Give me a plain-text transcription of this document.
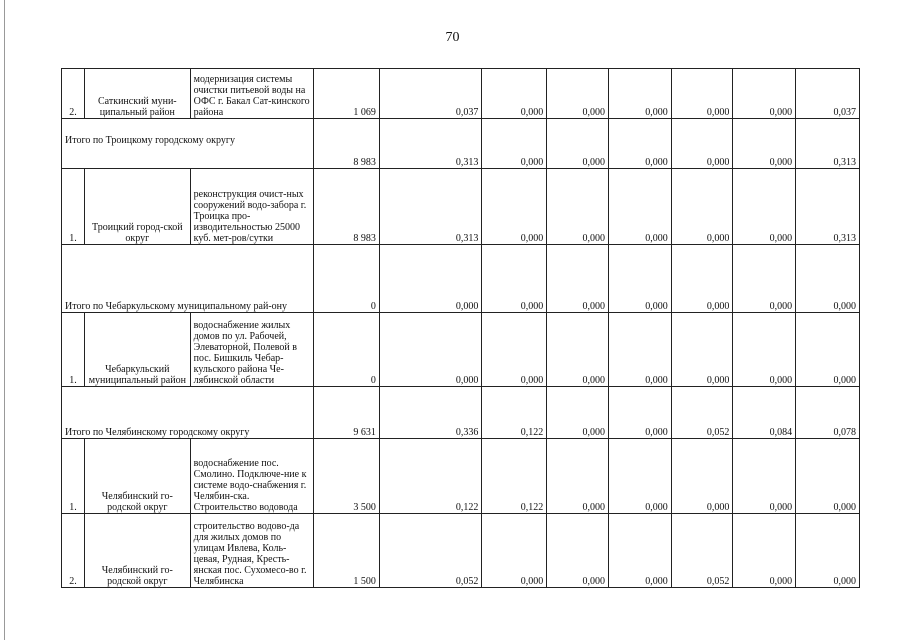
70
2.	Саткинский муни-ципальный район	модернизация системы очистки питьевой воды на ОФС г. Бакал Сат-кинского района	1 069	0,037	0,000	0,000	0,000	0,000	0,000	0,037
Итого по Троицкому городскому округу			8 983	0,313	0,000	0,000	0,000	0,000	0,000	0,313
1.	Троицкий город-ской округ	реконструкция очист-ных сооружений водо-забора г. Троицка про-изводительностью 25000 куб. мет-ров/сутки	8 983	0,313	0,000	0,000	0,000	0,000	0,000	0,313
Итого по Чебаркульскому муниципальному рай-ону			0	0,000	0,000	0,000	0,000	0,000	0,000	0,000
1.	Чебаркульский муниципальный район	водоснабжение жилых домов по ул. Рабочей, Элеваторной, Полевой в пос. Бишкиль Чебар-кульского района Че-лябинской области	0	0,000	0,000	0,000	0,000	0,000	0,000	0,000
Итого по Челябинскому городскому округу			9 631	0,336	0,122	0,000	0,000	0,052	0,084	0,078
1.	Челябинский го-родской округ	водоснабжение пос. Смолино. Подключе-ние к системе водо-снабжения г. Челябин-ска. Строительство водовода	3 500	0,122	0,122	0,000	0,000	0,000	0,000	0,000
2.	Челябинский го-родской округ	строительство водово-да для жилых домов по улицам Ивлева, Коль-цевая, Рудная, Кресть-янская пос. Сухомесо-во г. Челябинска	1 500	0,052	0,000	0,000	0,000	0,052	0,000	0,000
